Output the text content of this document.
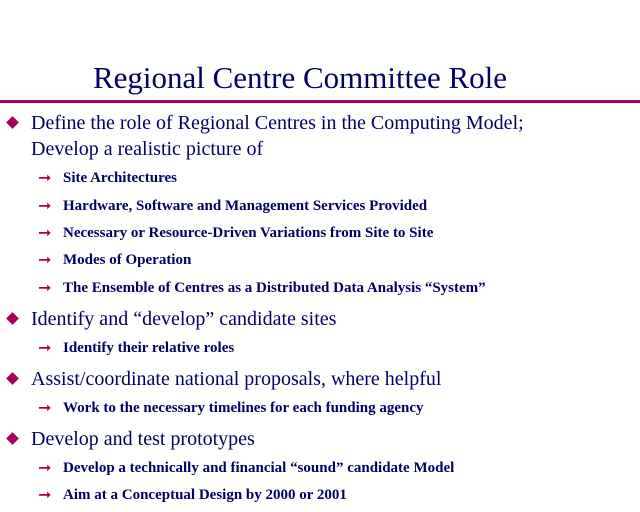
Regional Centre Committee Role
Define the role of Regional Centres in the Computing Model;
Develop a realistic picture of
➞ Site Architectures
➞ Hardware, Software and Management Services Provided
➞ Necessary or Resource-Driven Variations from Site to Site
➞ Modes of Operation
➞ The Ensemble of Centres as a Distributed Data Analysis “System”
Identify and “develop” candidate sites
➞ Identify their relative roles
Assist/coordinate national proposals, where helpful
➞ Work to the necessary timelines for each funding agency
Develop and test prototypes
➞ Develop a technically and financial “sound” candidate Model
➞ Aim at a Conceptual Design by 2000 or 2001
